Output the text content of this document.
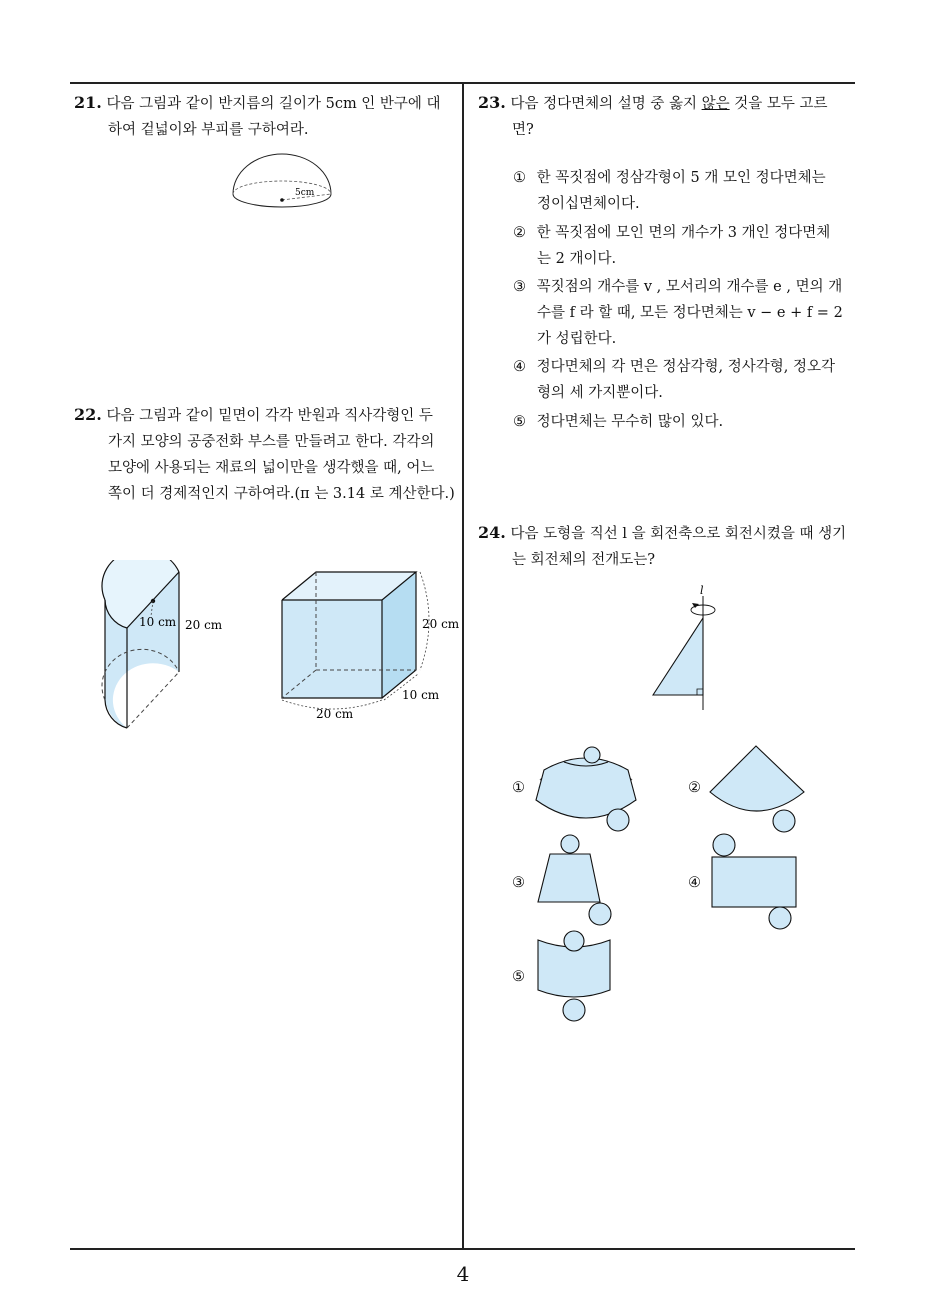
21. 다음 그림과 같이 반지름의 길이가 5cm 인 반구에 대
하여 겉넓이와 부피를 구하여라.
5cm
22. 다음 그림과 같이 밑면이 각각 반원과 직사각형인 두
가지 모양의 공중전화 부스를 만들려고 한다. 각각의
모양에 사용되는 재료의 넓이만을 생각했을 때, 어느
쪽이 더 경제적인지 구하여라.(π 는 3.14 로 계산한다.)
10 cm 20 cm	20 cm
10 cm
20 cm
23. 다음 정다면체의 설명 중 옳지 않은 것을 모두 고르
면?
① 한 꼭짓점에 정삼각형이 5 개 모인 정다면체는
정이십면체이다.
② 한 꼭짓점에 모인 면의 개수가 3 개인 정다면체
는 2 개이다.
③ 꼭짓점의 개수를 v , 모서리의 개수를 e , 면의 개
수를 f 라 할 때, 모든 정다면체는 v − e + f = 2
가 성립한다.
④ 정다면체의 각 면은 정삼각형, 정사각형, 정오각
형의 세 가지뿐이다.
⑤ 정다면체는 무수히 많이 있다.
24. 다음 도형을 직선 l 을 회전축으로 회전시켰을 때 생기
는 회전체의 전개도는?
l
①	②
③	④
⑤
4
